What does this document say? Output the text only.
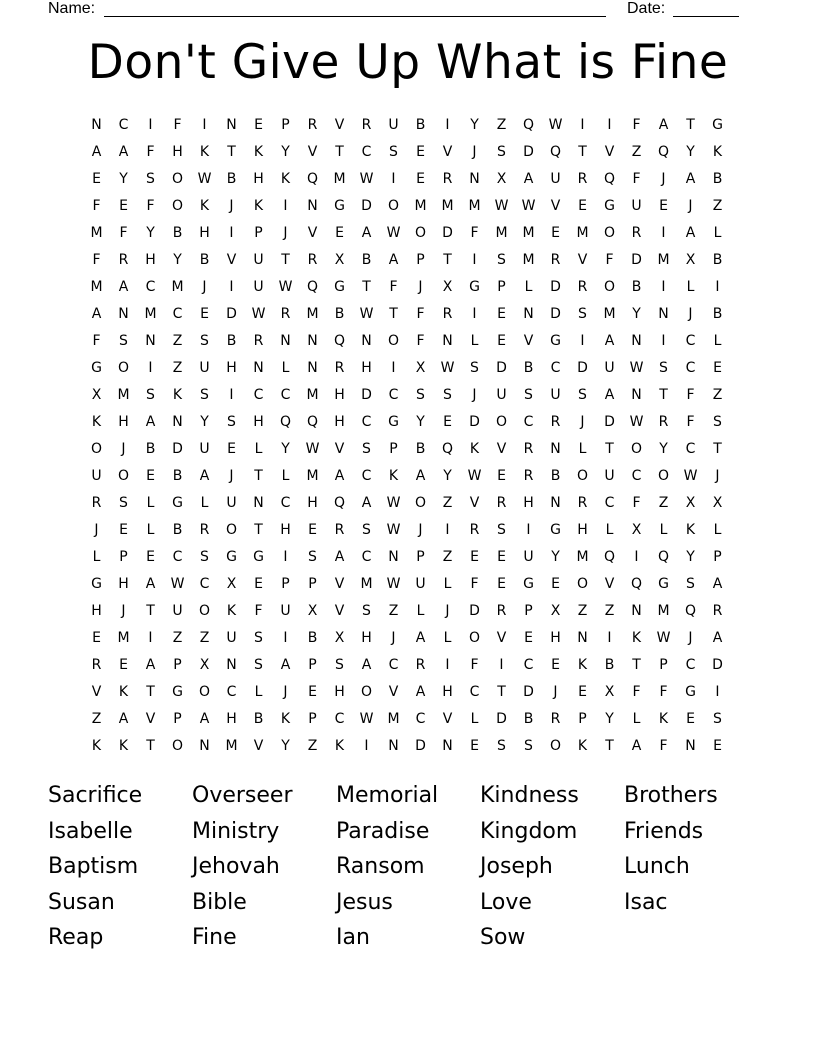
Name:	Date:
Don't Give Up What is Fine
N	C	I	F	I	N	E	P	R	V	R	U	B	I	Y	Z	Q	W	I	I	F	A	T	G
A	A	F	H	K	T	K	Y	V	T	C	S	E	V	J	S	D	Q	T	V	Z	Q	Y	K
E	Y	S	O	W	B	H	K	Q	M	W	I	E	R	N	X	A	U	R	Q	F	J	A	B
F	E	F	O	K	J	K	I	N	G	D	O	M	M	M	W W	V	E	G	U	E	J	Z
M	F	Y	B	H	I	P	J	V	E	A	W	O	D	F	M	M	E	M	O	R	I	A	L
F	R	H	Y	B	V	U	T	R	X	B	A	P	T	I	S	M	R	V	F	D	M	X	B
M	A	C	M	J	I	U	W	Q	G	T	F	J	X	G	P	L	D	R	O	B	I	L	I
A	N	M	C	E	D	W	R	M	B	W	T	F	R	I	E	N	D	S	M	Y	N	J	B
F	S	N	Z	S	B	R	N	N	Q	N	O	F	N	L	E	V	G	I	A	N	I	C	L
G	O	I	Z	U	H	N	L	N	R	H	I	X	W	S	D	B	C	D	U	W	S	C	E
X	M	S	K	S	I	C	C	M	H	D	C	S	S	J	U	S	U	S	A	N	T	F	Z
K	H	A	N	Y	S	H	Q	Q	H	C	G	Y	E	D	O	C	R	J	D	W	R	F	S
O	J	B	D	U	E	L	Y	W	V	S	P	B	Q	K	V	R	N	L	T	O	Y	C	T
U	O	E	B	A	J	T	L	M	A	C	K	A	Y	W	E	R	B	O	U	C	O	W	J
R	S	L	G	L	U	N	C	H	Q	A	W	O	Z	V	R	H	N	R	C	F	Z	X	X
J	E	L	B	R	O	T	H	E	R	S	W	J	I	R	S	I	G	H	L	X	L	K	L
L	P	E	C	S	G	G	I	S	A	C	N	P	Z	E	E	U	Y	M	Q	I	Q	Y	P
G	H	A	W	C	X	E	P	P	V	M	W	U	L	F	E	G	E	O	V	Q	G	S	A
H	J	T	U	O	K	F	U	X	V	S	Z	L	J	D	R	P	X	Z	Z	N	M	Q	R
E	M	I	Z	Z	U	S	I	B	X	H	J	A	L	O	V	E	H	N	I	K	W	J	A
R	E	A	P	X	N	S	A	P	S	A	C	R	I	F	I	C	E	K	B	T	P	C	D
V	K	T	G	O	C	L	J	E	H	O	V	A	H	C	T	D	J	E	X	F	F	G	I
Z	A	V	P	A	H	B	K	P	C	W	M	C	V	L	D	B	R	P	Y	L	K	E	S
K	K	T	O	N	M	V	Y	Z	K	I	N	D	N	E	S	S	O	K	T	A	F	N	E
Sacrifice	Overseer	Memorial	Kindness	Brothers
Isabelle	Ministry	Paradise	Kingdom	Friends
Baptism	Jehovah	Ransom	Joseph	Lunch
Susan	Bible	Jesus	Love	Isac
Reap	Fine	Ian	Sow
